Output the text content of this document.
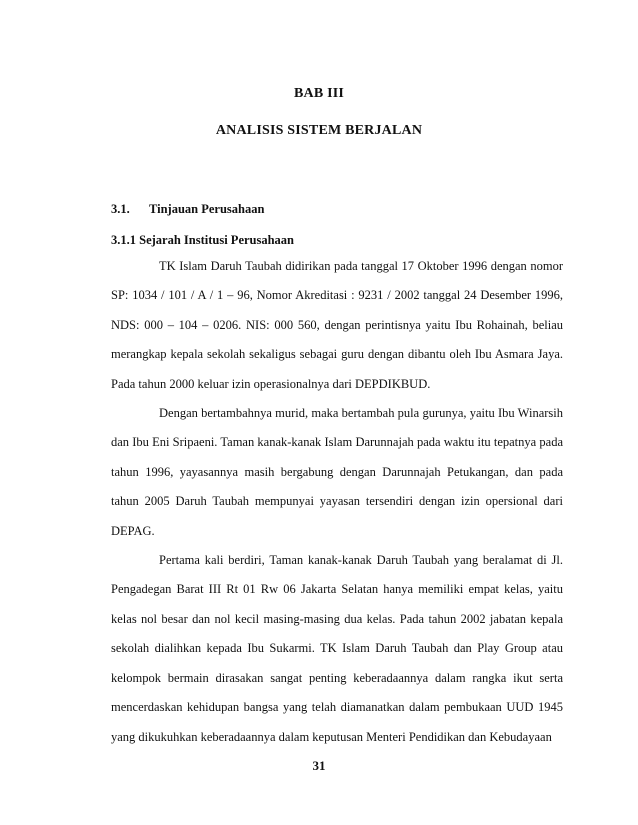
BAB III
ANALISIS SISTEM BERJALAN
3.1. Tinjauan Perusahaan
3.1.1 Sejarah Institusi Perusahaan

TK Islam Daruh Taubah didirikan pada tanggal 17 Oktober 1996 dengan nomor SP: 1034 / 101 / A / 1 – 96, Nomor Akreditasi : 9231 / 2002 tanggal 24 Desember 1996, NDS: 000 – 104 – 0206. NIS: 000 560, dengan perintisnya yaitu Ibu Rohainah, beliau merangkap kepala sekolah sekaligus sebagai guru dengan dibantu oleh Ibu Asmara Jaya. Pada tahun 2000 keluar izin operasionalnya dari DEPDIKBUD.

Dengan bertambahnya murid, maka bertambah pula gurunya, yaitu Ibu Winarsih dan Ibu Eni Sripaeni. Taman kanak-kanak Islam Darunnajah pada waktu itu tepatnya pada tahun 1996, yayasannya masih bergabung dengan Darunnajah Petukangan, dan pada tahun 2005 Daruh Taubah mempunyai yayasan tersendiri dengan izin opersional dari DEPAG.

Pertama kali berdiri, Taman kanak-kanak Daruh Taubah yang beralamat di Jl. Pengadegan Barat III Rt 01 Rw 06 Jakarta Selatan hanya memiliki empat kelas, yaitu kelas nol besar dan nol kecil masing-masing dua kelas. Pada tahun 2002 jabatan kepala sekolah dialihkan kepada Ibu Sukarmi. TK Islam Daruh Taubah dan Play Group atau kelompok bermain dirasakan sangat penting keberadaannya dalam rangka ikut serta mencerdaskan kehidupan bangsa yang telah diamanatkan dalam pembukaan UUD 1945 yang dikukuhkan keberadaannya dalam keputusan Menteri Pendidikan dan Kebudayaan

31
